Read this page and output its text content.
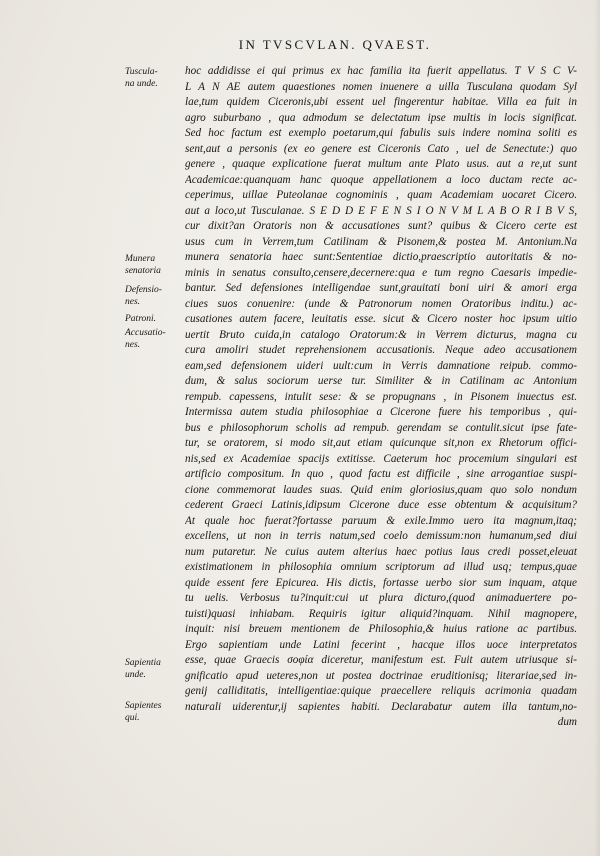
IN TVSCVLAN. QVAEST.
Tuscula-
na unde.
Munera
senatoria
Defensio-
nes.
Patroni.
Accusatio-
nes.
Sapientia
unde.
Sapientes
qui.
hoc addidisse ei qui primus ex hac familia ita fuerit appellatus. T V S C V-
L A N AE autem quaestiones nomen inuenere a uilla Tusculana quodam Syl
lae,tum quidem Ciceronis,ubi essent uel fingerentur habitae. Villa ea fuit in
agro suburbano , qua admodum se delectatum ipse multis in locis significat.
Sed hoc factum est exemplo poetarum,qui fabulis suis indere nomina soliti es
sent,aut a personis (ex eo genere est Ciceronis Cato , uel de Senectute:) quo
genere , quaque explicatione fuerat multum ante Plato usus. aut a re,ut sunt
Academicae:quanquam hanc quoque appellationem a loco ductam recte ac-
ceperimus, uillae Puteolanae cognominis , quam Academiam uocaret Cicero.
aut a loco,ut Tusculanae. S E D D E F E N S I O N V M L A B O R I B V S,
cur dixit?an Oratoris non & accusationes sunt? quibus & Cicero certe est
usus cum in Verrem,tum Catilinam & Pisonem,& postea M. Antonium.Na
munera senatoria haec sunt:Sententiae dictio,praescriptio autoritatis & no-
minis in senatus consulto,censere,decernere:qua e tum regno Caesaris impedie-
bantur. Sed defensiones intelligendae sunt,grauitati boni uiri & amori erga
ciues suos conuenire: (unde & Patronorum nomen Oratoribus inditu.) ac-
cusationes autem facere, leuitatis esse. sicut & Cicero noster hoc ipsum uitio
uertit Bruto cuida,in catalogo Oratorum:& in Verrem dicturus, magna cu
cura amoliri studet reprehensionem accusationis. Neque adeo accusationem
eam,sed defensionem uideri uult:cum in Verris damnatione reipub. commo-
dum, & salus sociorum uerse tur. Similiter & in Catilinam ac Antonium
rempub. capessens, intulit sese: & se propugnans , in Pisonem inuectus est.
Intermissa autem studia philosophiae a Cicerone fuere his temporibus , qui-
bus e philosophorum scholis ad rempub. gerendam se contulit.sicut ipse fate-
tur, se oratorem, si modo sit,aut etiam quicunque sit,non ex Rhetorum offici-
nis,sed ex Academiae spacijs extitisse. Caeterum hoc procemium singulari est
artificio compositum. In quo , quod factu est difficile , sine arrogantiae suspi-
cione commemorat laudes suas. Quid enim gloriosius,quam quo solo nondum
cederent Graeci Latinis,idipsum Cicerone duce esse obtentum & acquisitum?
At quale hoc fuerat?fortasse paruum & exile.Immo uero ita magnum,itaq;
excellens, ut non in terris natum,sed coelo demissum:non humanum,sed diui
num putaretur. Ne cuius autem alterius haec potius laus credi posset,eleuat
existimationem in philosophia omnium scriptorum ad illud usq; tempus,quae
quide essent fere Epicurea. His dictis, fortasse uerbo sior sum inquam, atque
tu uelis. Verbosus tu?inquit:cui ut plura dicturo,(quod animaduertere po-
tuisti)quasi inhiabam. Requiris igitur aliquid?inquam. Nihil magnopere,
inquit: nisi breuem mentionem de Philosophia,& huius ratione ac partibus.
Ergo sapientiam unde Latini fecerint , hacque illos uoce interpretatos
esse, quae Graecis σοφία diceretur, manifestum est. Fuit autem utriusque si-
gnificatio apud ueteres,non ut postea doctrinae eruditionisq; literariae,sed in-
genij calliditatis, intelligentiae:quique praecellere reliquis acrimonia quadam
naturali uiderentur,ij sapientes habiti. Declarabatur autem illa tantum,no-
dum
